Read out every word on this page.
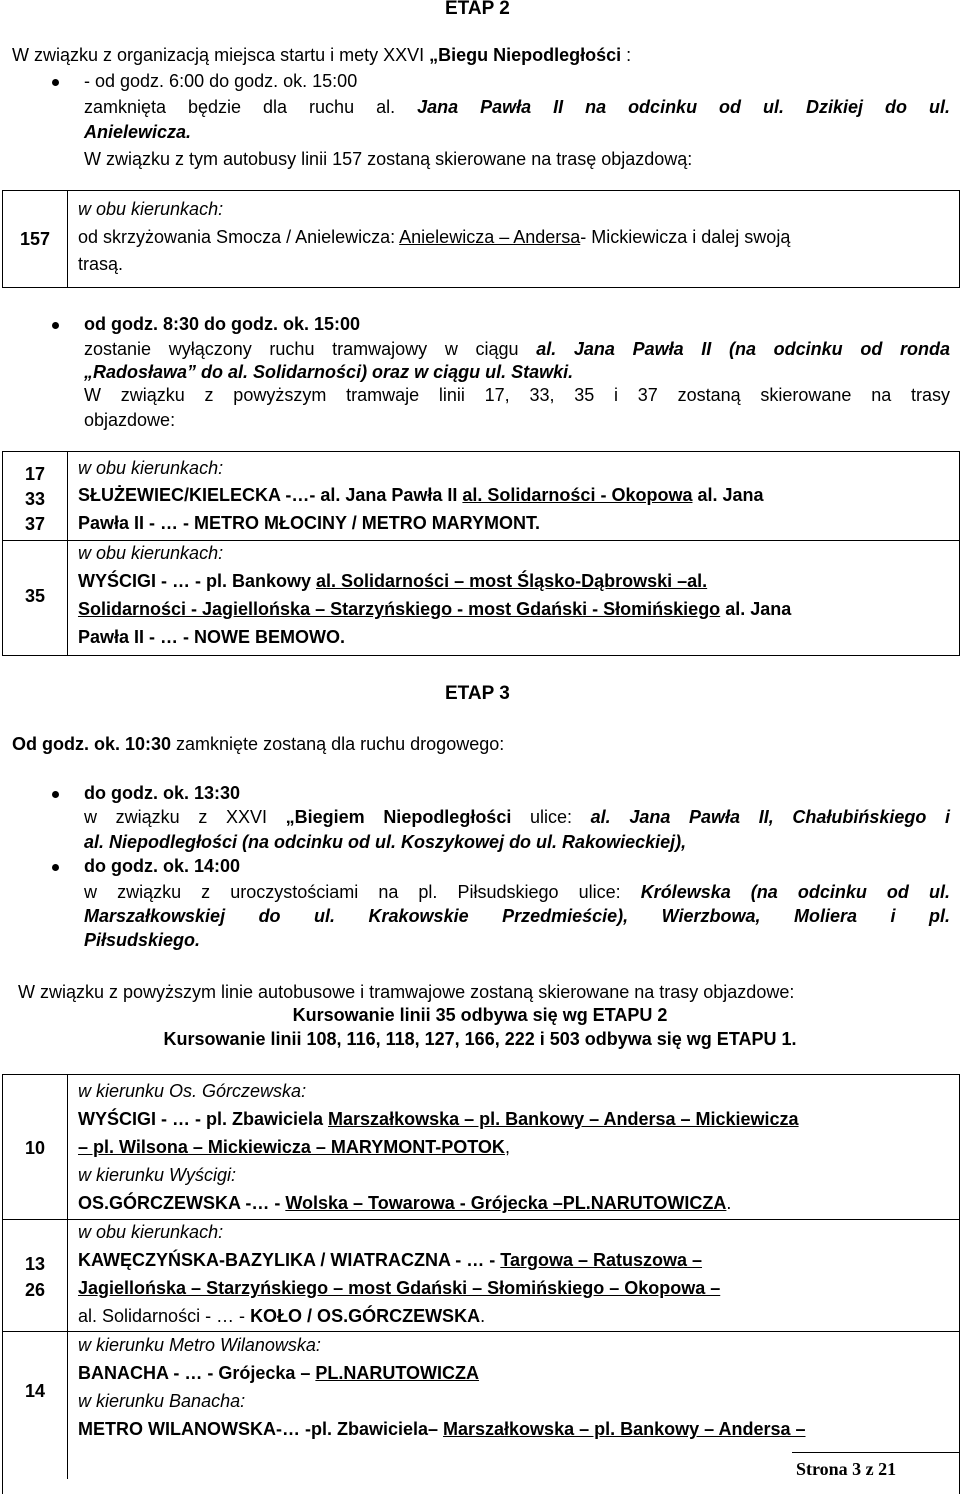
ETAP 2
W związku z organizacją miejsca startu i mety XXVI „Biegu Niepodległości :
- od godz. 6:00 do godz. ok. 15:00
zamknięta będzie dla ruchu al. Jana Pawła II na odcinku od ul. Dzikiej do ul.
Anielewicza.
W związku z tym autobusy linii 157 zostaną skierowane na trasę objazdową:
157
w obu kierunkach:
od skrzyżowania Smocza / Anielewicza: Anielewicza – Andersa- Mickiewicza i dalej swoją
trasą.
od godz. 8:30 do godz. ok. 15:00
zostanie wyłączony ruchu tramwajowy w ciągu al. Jana Pawła II (na odcinku od ronda
„Radosława” do al. Solidarności) oraz w ciągu ul. Stawki.
W związku z powyższym tramwaje linii 17, 33, 35 i 37 zostaną skierowane na trasy
objazdowe:
17
33
37
35
w obu kierunkach:
SŁUŻEWIEC/KIELECKA -…- al. Jana Pawła II al. Solidarności - Okopowa al. Jana
Pawła II - … - METRO MŁOCINY / METRO MARYMONT.
w obu kierunkach:
WYŚCIGI - … - pl. Bankowy al. Solidarności – most Śląsko-Dąbrowski –al.
Solidarności - Jagiellońska – Starzyńskiego - most Gdański - Słomińskiego al. Jana
Pawła II - … - NOWE BEMOWO.
ETAP 3
Od godz. ok. 10:30 zamknięte zostaną dla ruchu drogowego:
do godz. ok. 13:30
w związku z XXVI „Biegiem Niepodległości ulice: al. Jana Pawła II, Chałubińskiego i
al. Niepodległości (na odcinku od ul. Koszykowej do ul. Rakowieckiej),
do godz. ok. 14:00
w związku z uroczystościami na pl. Piłsudskiego ulice: Królewska (na odcinku od ul.
Marszałkowskiej do ul. Krakowskie Przedmieście), Wierzbowa, Moliera i pl.
Piłsudskiego.
W związku z powyższym linie autobusowe i tramwajowe zostaną skierowane na trasy objazdowe:
Kursowanie linii 35 odbywa się wg ETAPU 2
Kursowanie linii 108, 116, 118, 127, 166, 222 i 503 odbywa się wg ETAPU 1.
10
13
26
14
w kierunku Os. Górczewska:
WYŚCIGI - … - pl. Zbawiciela Marszałkowska – pl. Bankowy – Andersa – Mickiewicza
– pl. Wilsona – Mickiewicza – MARYMONT-POTOK,
w kierunku Wyścigi:
OS.GÓRCZEWSKA -… - Wolska – Towarowa - Grójecka –PL.NARUTOWICZA.
w obu kierunkach:
KAWĘCZYŃSKA-BAZYLIKA / WIATRACZNA - … - Targowa – Ratuszowa –
Jagiellońska – Starzyńskiego – most Gdański – Słomińskiego – Okopowa –
al. Solidarności - … - KOŁO / OS.GÓRCZEWSKA.
w kierunku Metro Wilanowska:
BANACHA - … - Grójecka – PL.NARUTOWICZA
w kierunku Banacha:
METRO WILANOWSKA-… -pl. Zbawiciela– Marszałkowska – pl. Bankowy – Andersa –
Strona 3 z 21
